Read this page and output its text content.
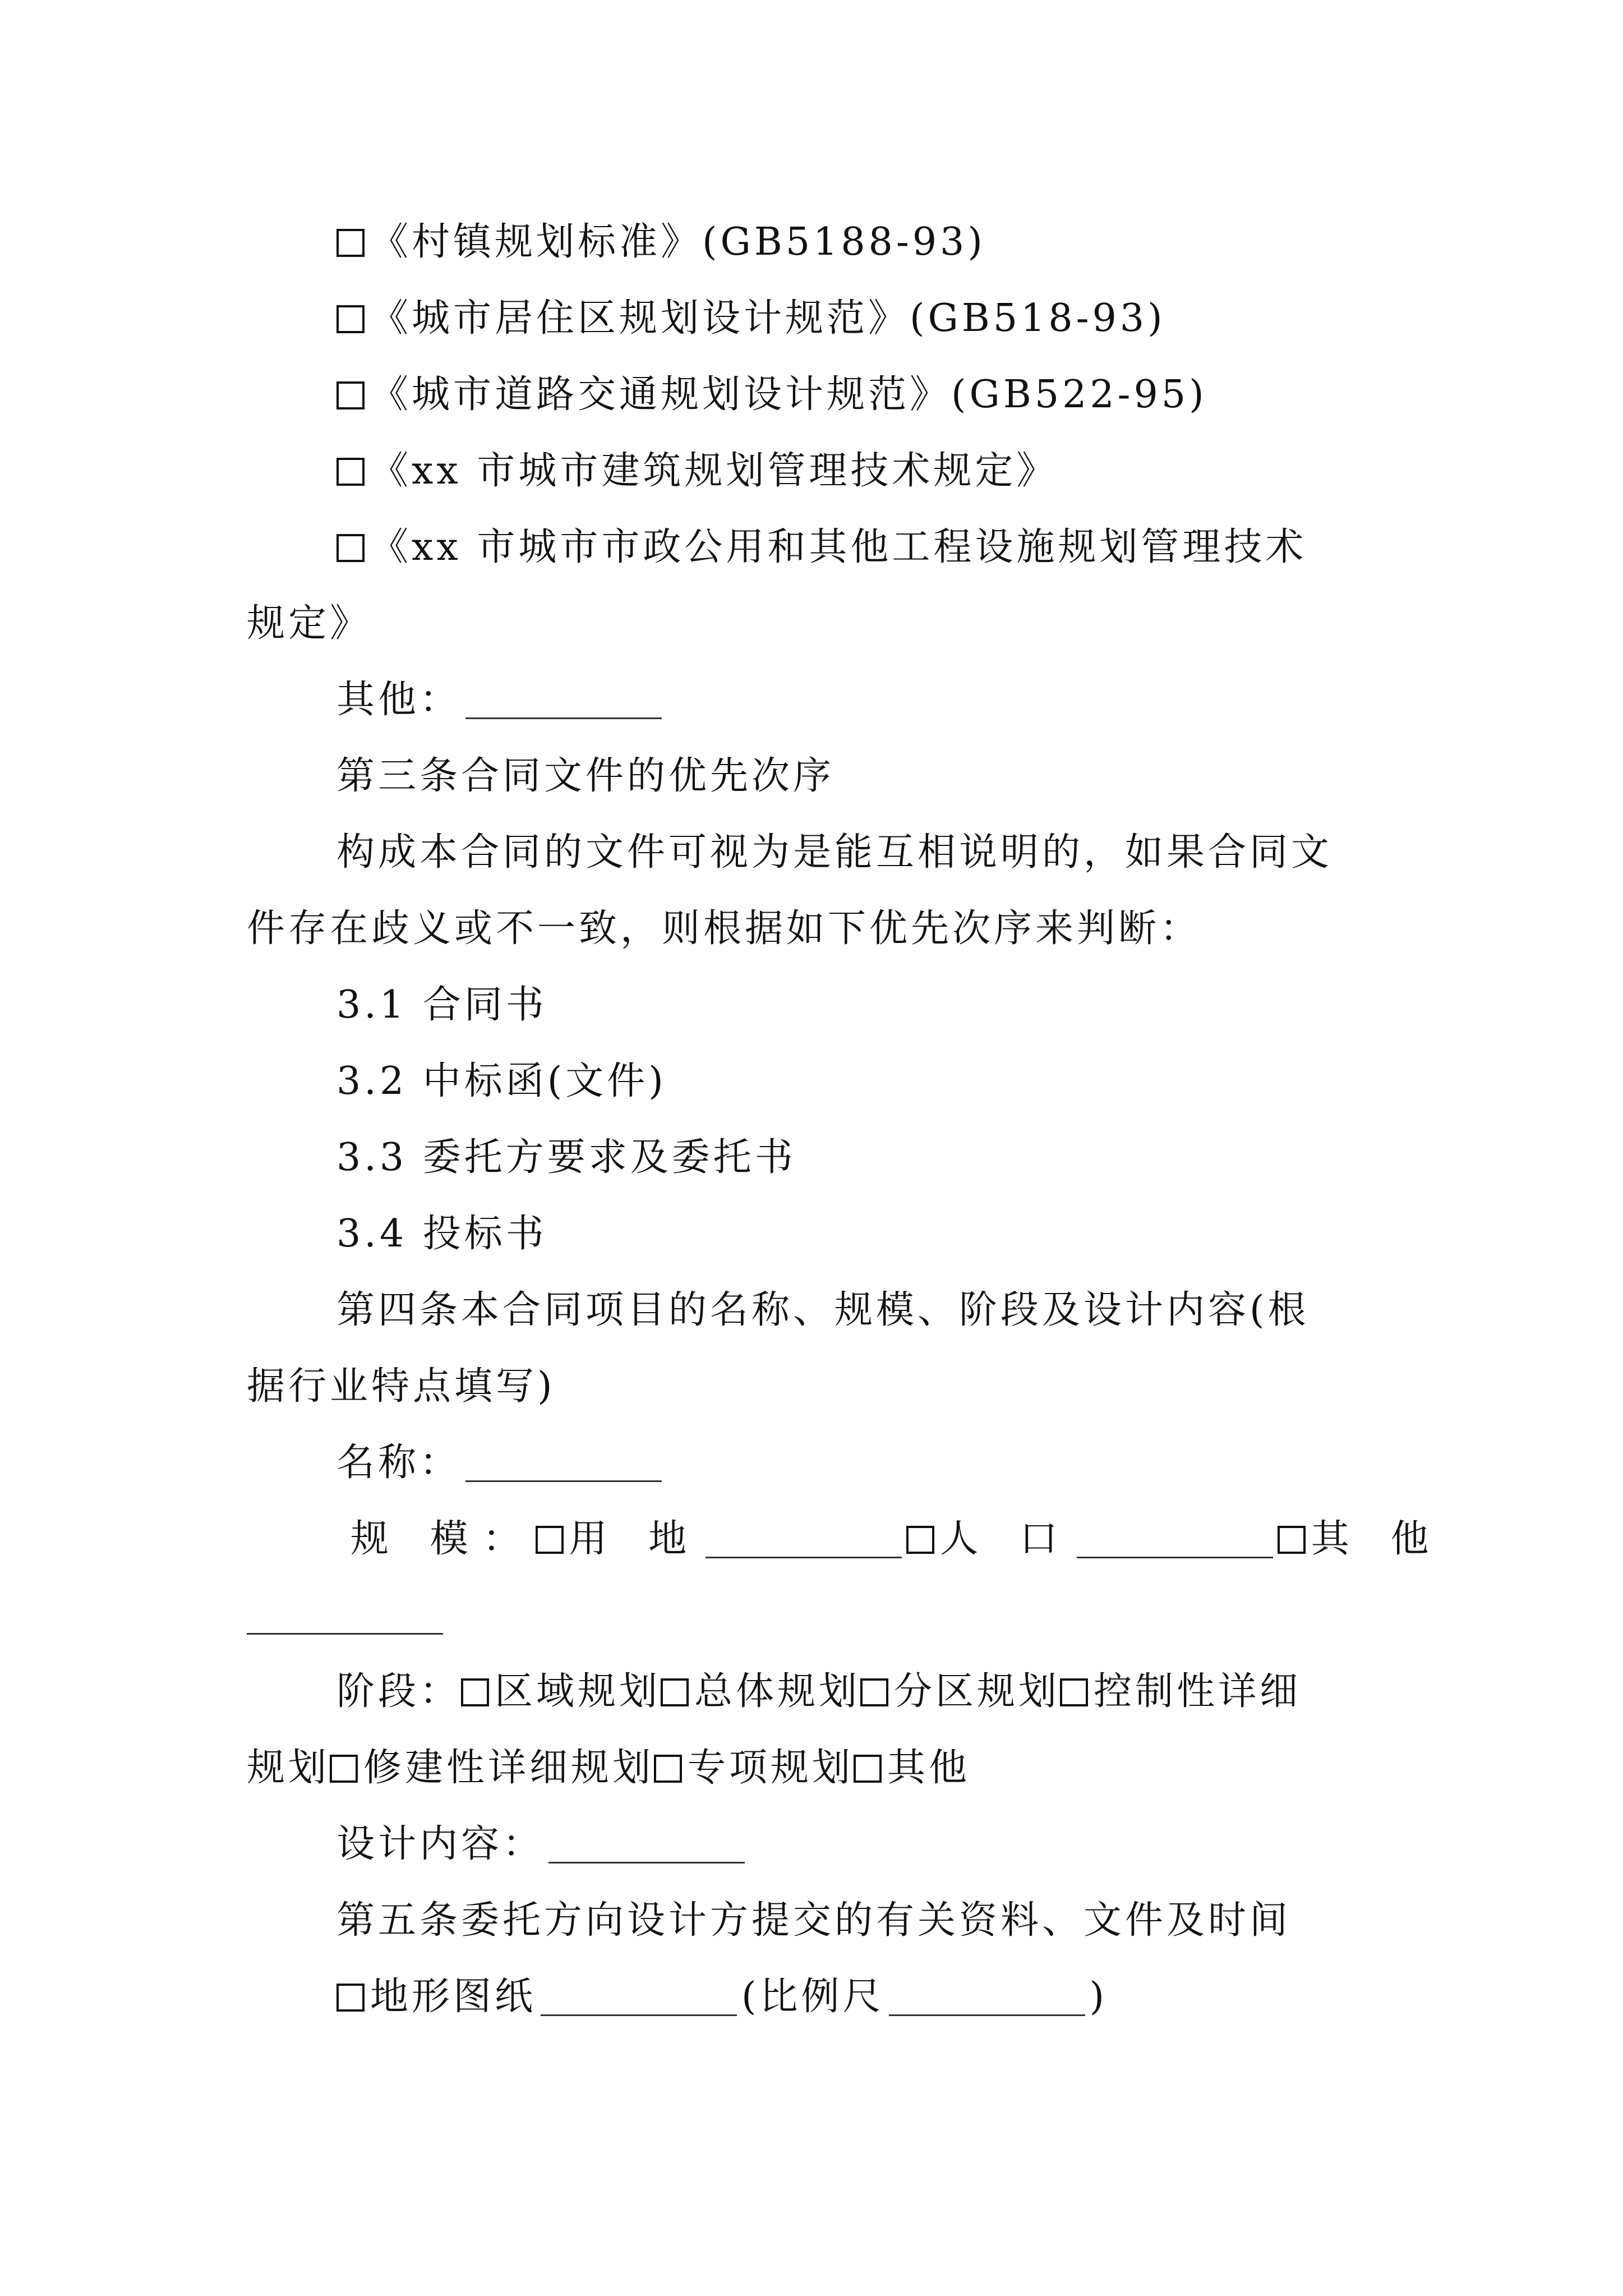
《村镇规划标准》(GB5188-93)
《城市居住区规划设计规范》(GB518-93)
《城市道路交通规划设计规范》(GB522-95)
《xx 市城市建筑规划管理技术规定》
《xx 市城市市政公用和其他工程设施规划管理技术
规定》
其他：
第三条合同文件的优先次序
构成本合同的文件可视为是能互相说明的，如果合同文
件存在歧义或不一致，则根据如下优先次序来判断：
3.1 合同书
3.2 中标函(文件)
3.3 委托方要求及委托书
3.4 投标书
第四条本合同项目的名称、规模、阶段及设计内容(根
据行业特点填写)
名称：
规 模： 用 地	人 口	其 他
阶段： 区域规划 总体规划 分区规划 控制性详细
规划 修建性详细规划 专项规划 其他
设计内容：
第五条委托方向设计方提交的有关资料、文件及时间
地形图纸	(比例尺	)
